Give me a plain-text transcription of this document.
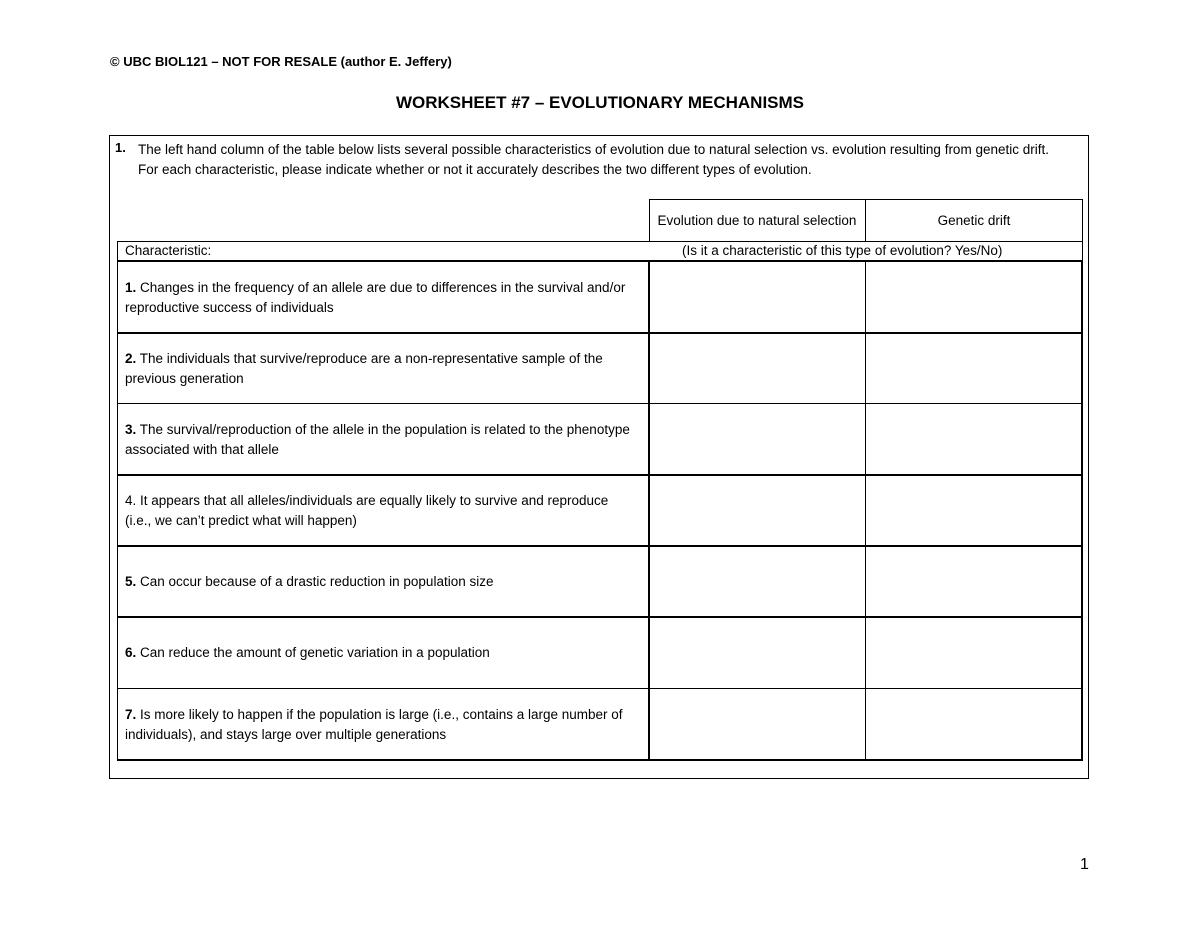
© UBC BIOL121 – NOT FOR RESALE (author E. Jeffery)
WORKSHEET #7 – EVOLUTIONARY MECHANISMS
1. The left hand column of the table below lists several possible characteristics of evolution due to natural selection vs. evolution resulting from genetic drift. For each characteristic, please indicate whether or not it accurately describes the two different types of evolution.
Evolution due to natural selection	Genetic drift
Characteristic:	(Is it a characteristic of this type of evolution? Yes/No)
1. Changes in the frequency of an allele are due to differences in the survival and/or reproductive success of individuals
2. The individuals that survive/reproduce are a non-representative sample of the previous generation
3. The survival/reproduction of the allele in the population is related to the phenotype associated with that allele
4. It appears that all alleles/individuals are equally likely to survive and reproduce (i.e., we can’t predict what will happen)
5. Can occur because of a drastic reduction in population size
6. Can reduce the amount of genetic variation in a population
7. Is more likely to happen if the population is large (i.e., contains a large number of individuals), and stays large over multiple generations
1
